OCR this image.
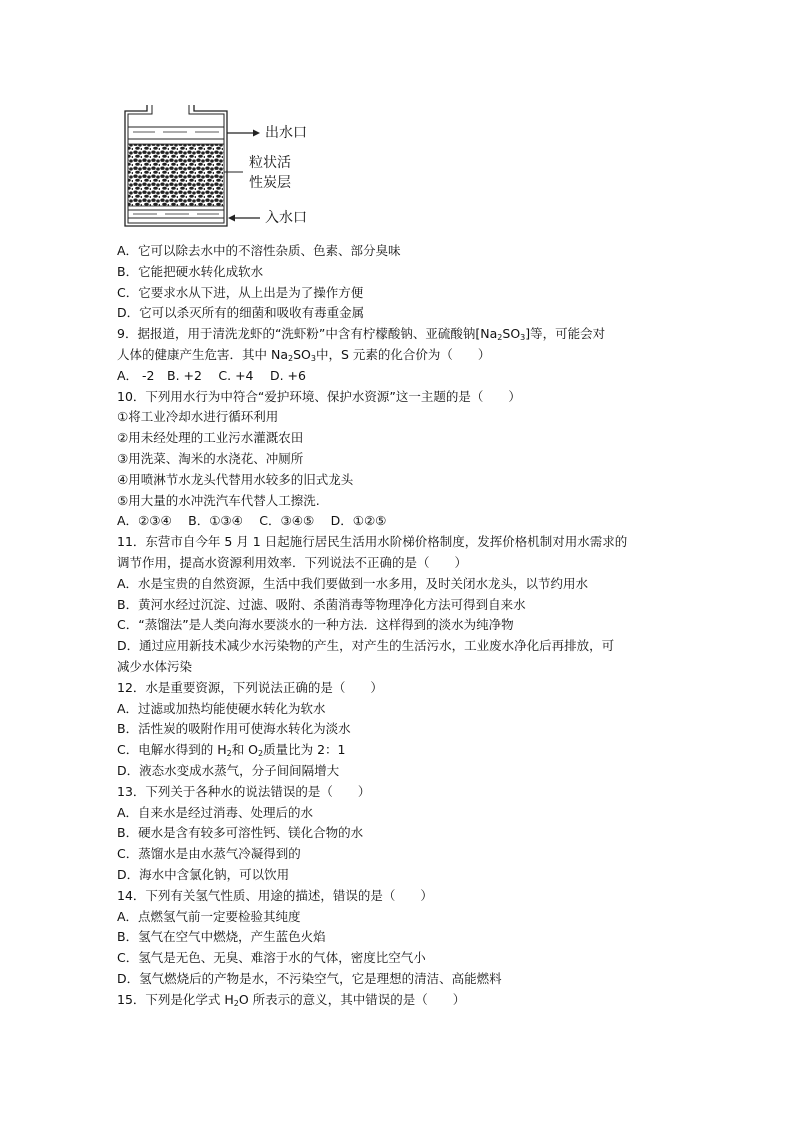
出水口
粒状活
性炭层
入水口
A．它可以除去水中的不溶性杂质、色素、部分臭味
B．它能把硬水转化成软水
C．它要求水从下进，从上出是为了操作方便
D．它可以杀灭所有的细菌和吸收有毒重金属
9．据报道，用于清洗龙虾的“洗虾粉”中含有柠檬酸钠、亚硫酸钠$[Na_2SO_3]$等，可能会对
人体的健康产生危害．其中 $Na_2SO_3$中，S 元素的化合价为（　　）
A． -2　B. +2　 C. +4　 D. +6
10．下列用水行为中符合“爱护环境、保护水资源”这一主题的是（　　）
①将工业冷却水进行循环利用
②用未经处理的工业污水灌溉农田
③用洗菜、淘米的水浇花、冲厕所
④用喷淋节水龙头代替用水较多的旧式龙头
⑤用大量的水冲洗汽车代替人工擦洗.
A．②③④　 B．①③④　 C．③④⑤　 D．①②⑤
11．东营市自今年 5 月 1 日起施行居民生活用水阶梯价格制度，发挥价格机制对用水需求的
调节作用，提高水资源利用效率．下列说法不正确的是（　　）
A．水是宝贵的自然资源，生活中我们要做到一水多用，及时关闭水龙头，以节约用水
B．黄河水经过沉淀、过滤、吸附、杀菌消毒等物理净化方法可得到自来水
C．“蒸馏法”是人类向海水要淡水的一种方法．这样得到的淡水为纯净物
D．通过应用新技术减少水污染物的产生，对产生的生活污水，工业废水净化后再排放，可
减少水体污染
12．水是重要资源，下列说法正确的是（　　）
A．过滤或加热均能使硬水转化为软水
B．活性炭的吸附作用可使海水转化为淡水
C．电解水得到的 $H_2$和 $O_2$质量比为 2：1
D．液态水变成水蒸气，分子间间隔增大
13．下列关于各种水的说法错误的是（　　）
A．自来水是经过消毒、处理后的水
B．硬水是含有较多可溶性钙、镁化合物的水
C．蒸馏水是由水蒸气冷凝得到的
D．海水中含氯化钠，可以饮用
14．下列有关氢气性质、用途的描述，错误的是（　　）
A．点燃氢气前一定要检验其纯度
B．氢气在空气中燃烧，产生蓝色火焰
C．氢气是无色、无臭、难溶于水的气体，密度比空气小
D．氢气燃烧后的产物是水，不污染空气，它是理想的清洁、高能燃料
15．下列是化学式 $H_2O$ 所表示的意义，其中错误的是（　　）
